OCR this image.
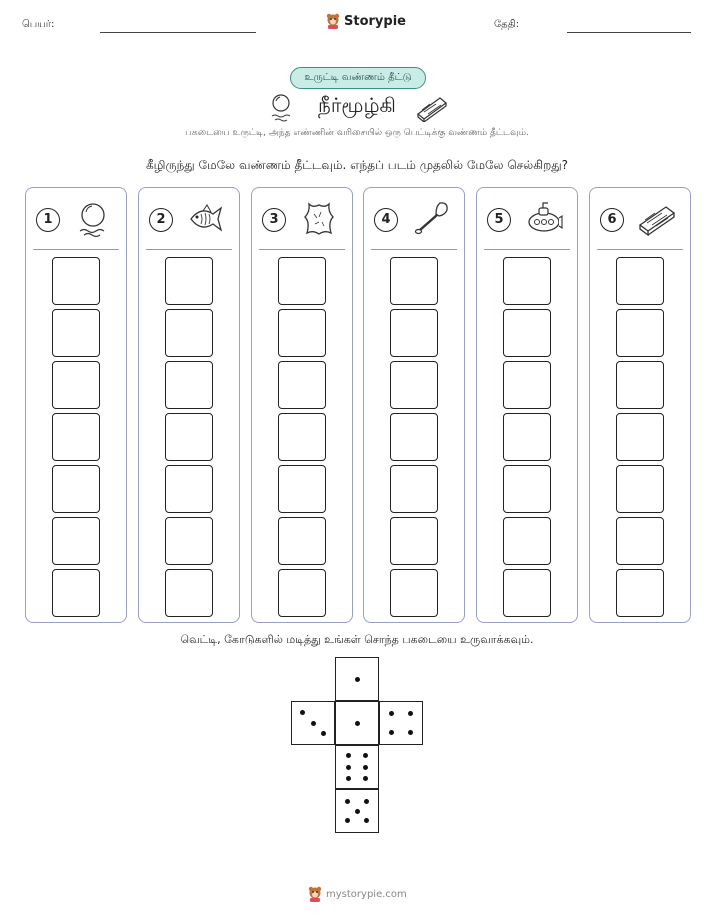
பெயர்:	Storypie	தேதி:
உருட்டி வண்ணம் தீட்டு
நீர்மூழ்கி
பகடையை உருட்டி, அந்த எண்ணின் வரிசையில் ஒரு பெட்டிக்கு வண்ணம் தீட்டவும்.
கீழிருந்து மேலே வண்ணம் தீட்டவும். எந்தப் படம் முதலில் மேலே செல்கிறது?
1	2	3	4	5	6
வெட்டி, கோடுகளில் மடித்து உங்கள் சொந்த பகடையை உருவாக்கவும்.
mystorypie.com
